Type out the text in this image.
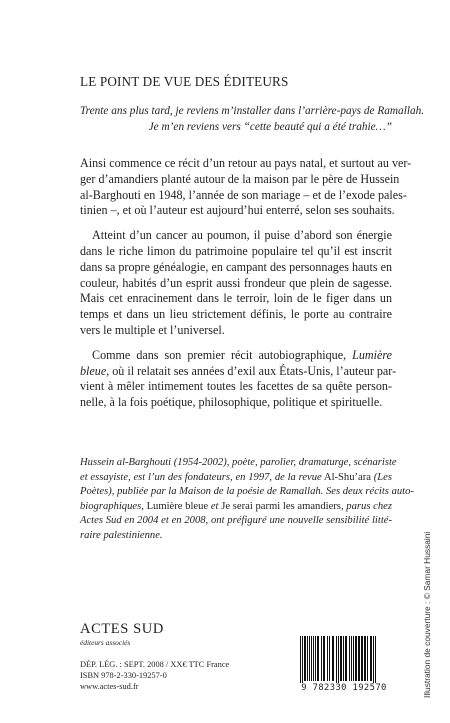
LE POINT DE VUE DES ÉDITEURS
Trente ans plus tard, je reviens m’installer dans l’arrière-pays de Ramallah.
Je m’en reviens vers “cette beauté qui a été trahie…”

Ainsi commence ce récit d’un retour au pays natal, et surtout au ver-
ger d’amandiers planté autour de la maison par le père de Hussein
al-Barghouti en 1948, l’année de son mariage – et de l’exode pales-
tinien –, et où l’auteur est aujourd’hui enterré, selon ses souhaits.

Atteint d’un cancer au poumon, il puise d’abord son énergie
dans le riche limon du patrimoine populaire tel qu’il est inscrit
dans sa propre généalogie, en campant des personnages hauts en
couleur, habités d’un esprit aussi frondeur que plein de sagesse.
Mais cet enracinement dans le terroir, loin de le figer dans un
temps et dans un lieu strictement définis, le porte au contraire
vers le multiple et l’universel.

Comme dans son premier récit autobiographique, Lumière
bleue, où il relatait ses années d’exil aux États-Unis, l’auteur par-
vient à mêler intimement toutes les facettes de sa quête person-
nelle, à la fois poétique, philosophique, politique et spirituelle.

Hussein al-Barghouti (1954-2002), poète, parolier, dramaturge, scénariste
et essayiste, est l’un des fondateurs, en 1997, de la revue Al-Shu’ara (Les
Poètes), publiée par la Maison de la poésie de Ramallah. Ses deux récits auto-
biographiques, Lumière bleue et Je serai parmi les amandiers, parus chez
Actes Sud en 2004 et en 2008, ont préfiguré une nouvelle sensibilité litté-
raire palestinienne.	Illustration de couverture : © Samar Hussaini
ACTES SUD
éditeurs associés
DÉP. LÉG. : SEPT. 2008 / XX€ TTC France
ISBN 978-2-330-19257-0
www.actes-sud.fr	9 782330 192570
